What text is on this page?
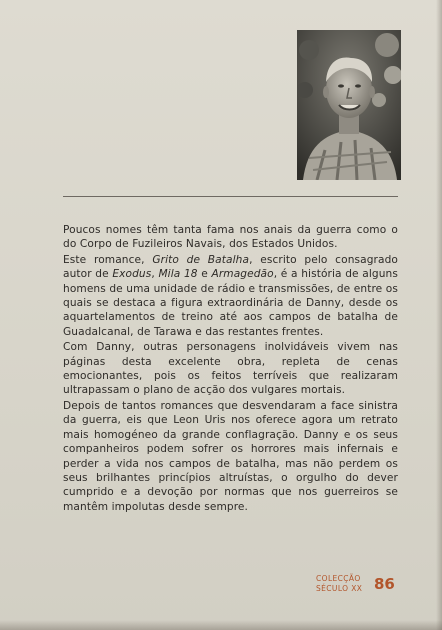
Poucos nomes têm tanta fama nos anais da guerra como o do Corpo de Fuzileiros Navais, dos Estados Unidos.

Este romance, Grito de Batalha, escrito pelo consagrado autor de Exodus, Mila 18 e Armagedão, é a história de alguns homens de uma unidade de rádio e transmissões, de entre os quais se destaca a figura extraordinária de Danny, desde os aquartelamentos de treino até aos campos de batalha de Guadalcanal, de Tarawa e das restantes frentes.

Com Danny, outras personagens inolvidáveis vivem nas páginas desta excelente obra, repleta de cenas emocionantes, pois os feitos terríveis que realizaram ultrapassam o plano de acção dos vulgares mortais.

Depois de tantos romances que desvendaram a face sinistra da guerra, eis que Leon Uris nos oferece agora um retrato mais homogéneo da grande conflagração. Danny e os seus companheiros podem sofrer os horrores mais infernais e perder a vida nos campos de batalha, mas não perdem os seus brilhantes princípios altruístas, o orgulho do dever cumprido e a devoção por normas que nos guerreiros se mantêm impolutas desde sempre.

COLECÇÃO
SÉCULO XX 86
